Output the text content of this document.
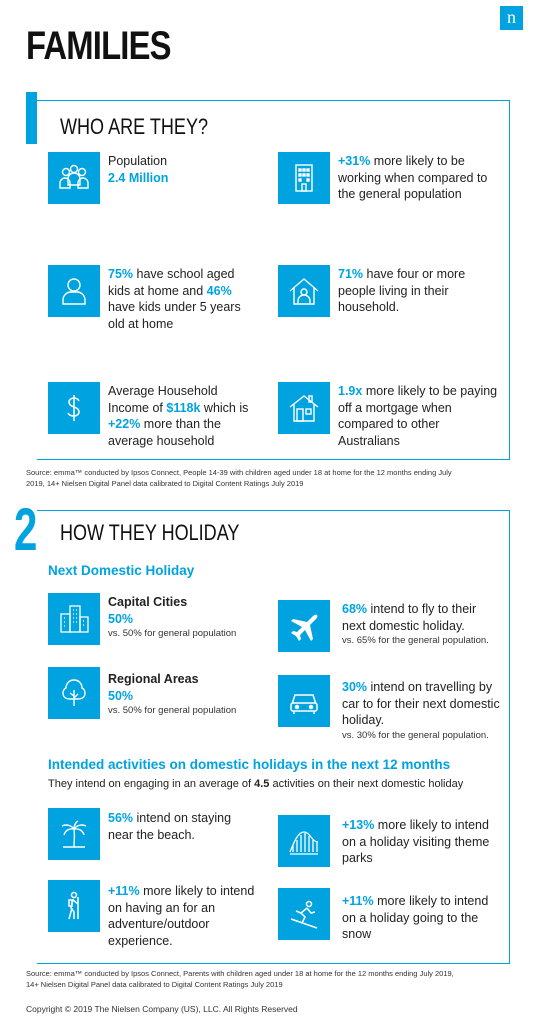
n
FAMILIES
WHO ARE THEY?
Population
2.4 Million
+31% more likely to be working when compared to the general population
75% have school aged kids at home and 46% have kids under 5 years old at home
71% have four or more people living in their household.
Average Household Income of $118k which is +22% more than the average household
1.9x more likely to be paying off a mortgage when compared to other Australians
Source: emma™ conducted by Ipsos Connect, People 14-39 with children aged under 18 at home for the 12 months ending July 2019, 14+ Nielsen Digital Panel data calibrated to Digital Content Ratings July 2019
2 HOW THEY HOLIDAY
Next Domestic Holiday
Capital Cities
50%
vs. 50% for general population
68% intend to fly to their next domestic holiday.
vs. 65% for the general population.
Regional Areas
50%
vs. 50% for general population
30% intend on travelling by car to for their next domestic holiday.
vs. 30% for the general population.
Intended activities on domestic holidays in the next 12 months
They intend on engaging in an average of 4.5 activities on their next domestic holiday
56% intend on staying near the beach.
+13% more likely to intend on a holiday visiting theme parks
+11% more likely to intend on having an for an adventure/outdoor experience.
+11% more likely to intend on a holiday going to the snow
Source: emma™ conducted by Ipsos Connect, Parents with children aged under 18 at home for the 12 months ending July 2019, 14+ Nielsen Digital Panel data calibrated to Digital Content Ratings July 2019
Copyright © 2019 The Nielsen Company (US), LLC. All Rights Reserved
